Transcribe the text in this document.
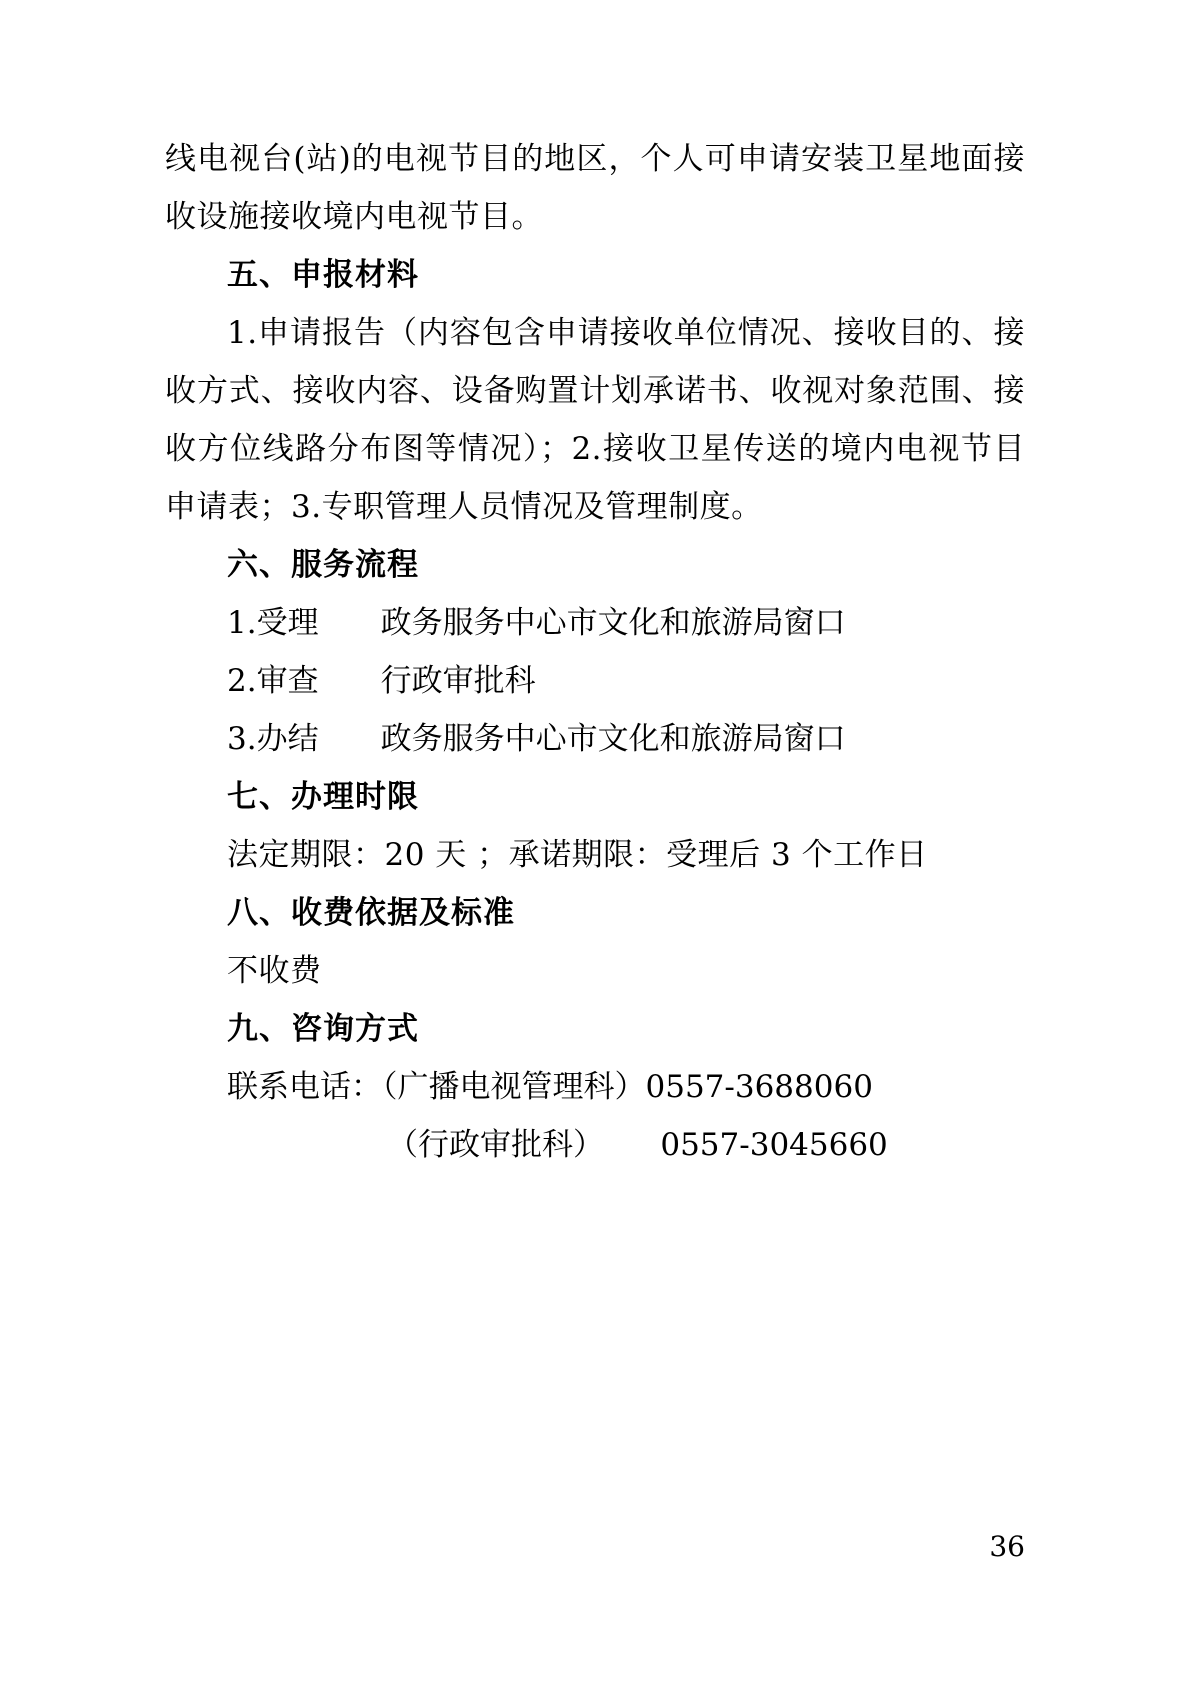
线电视台(站)的电视节目的地区，个人可申请安装卫星地面接收设施接收境内电视节目。

五、申报材料

1.申请报告（内容包含申请接收单位情况、接收目的、接收方式、接收内容、设备购置计划承诺书、收视对象范围、接收方位线路分布图等情况）；2.接收卫星传送的境内电视节目申请表；3.专职管理人员情况及管理制度。

六、服务流程

1.受理　　政务服务中心市文化和旅游局窗口

2.审查　　行政审批科

3.办结　　政务服务中心市文化和旅游局窗口

七、办理时限

法定期限：20 天 ；承诺期限：受理后 3 个工作日

八、收费依据及标准

不收费

九、咨询方式

联系电话：（广播电视管理科）0557-3688060

（行政审批科）　　 0557-3045660

36
